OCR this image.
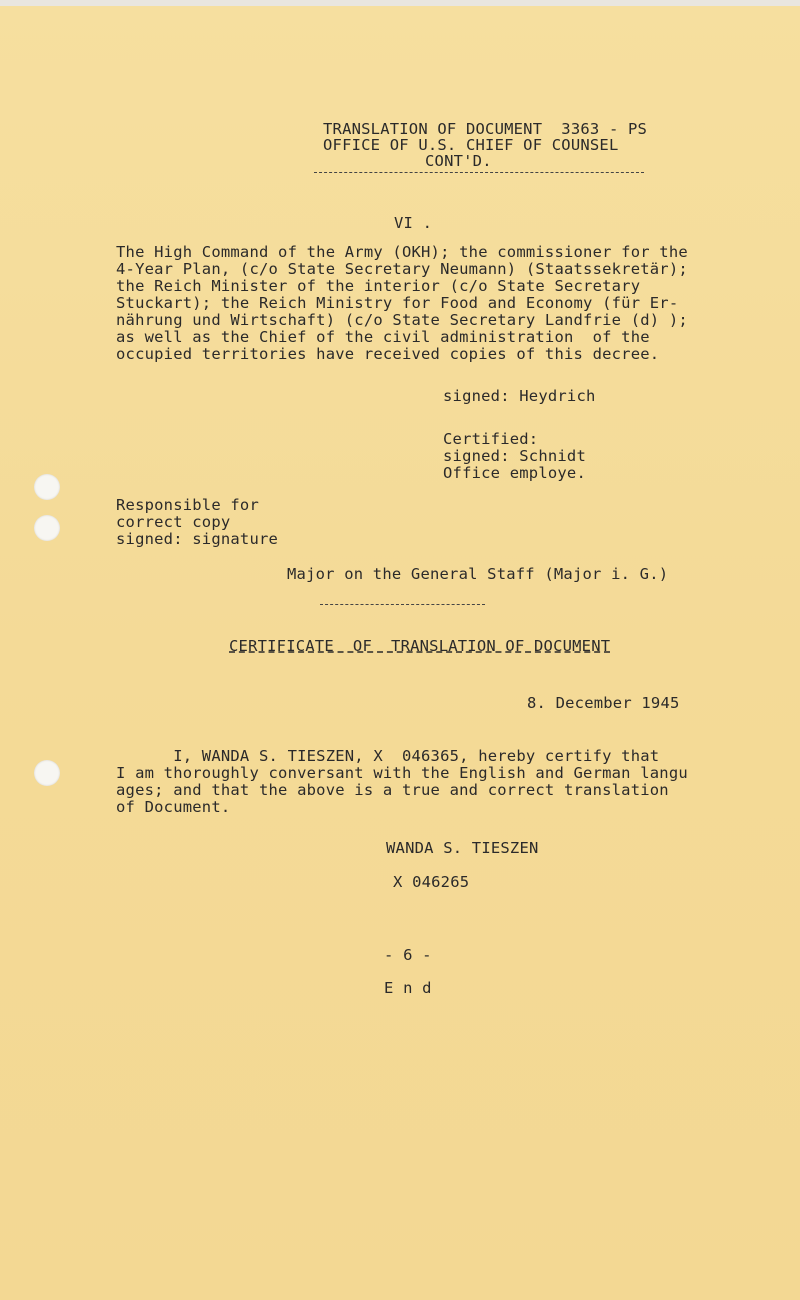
TRANSLATION OF DOCUMENT  3363 - PS
OFFICE OF U.S. CHIEF OF COUNSEL
CONT'D.
VI .
The High Command of the Army (OKH); the commissioner for the
4-Year Plan, (c/o State Secretary Neumann) (Staatssekretär);
the Reich Minister of the interior (c/o State Secretary
Stuckart); the Reich Ministry for Food and Economy (für Er-
nährung und Wirtschaft) (c/o State Secretary Landfrie (d) );
as well as the Chief of the civil administration  of the
occupied territories have received copies of this decree.
signed: Heydrich
Certified:
signed: Schnidt
Office employe.
Responsible for
correct copy
signed: signature
Major on the General Staff (Major i. G.)
CERTIFICATE  OF  TRANSLATION OF DOCUMENT
8. December 1945
I, WANDA S. TIESZEN, X  046365, hereby certify that
I am thoroughly conversant with the English and German langu
ages; and that the above is a true and correct translation
of Document.
WANDA S. TIESZEN
X 046265
- 6 -
E n d
